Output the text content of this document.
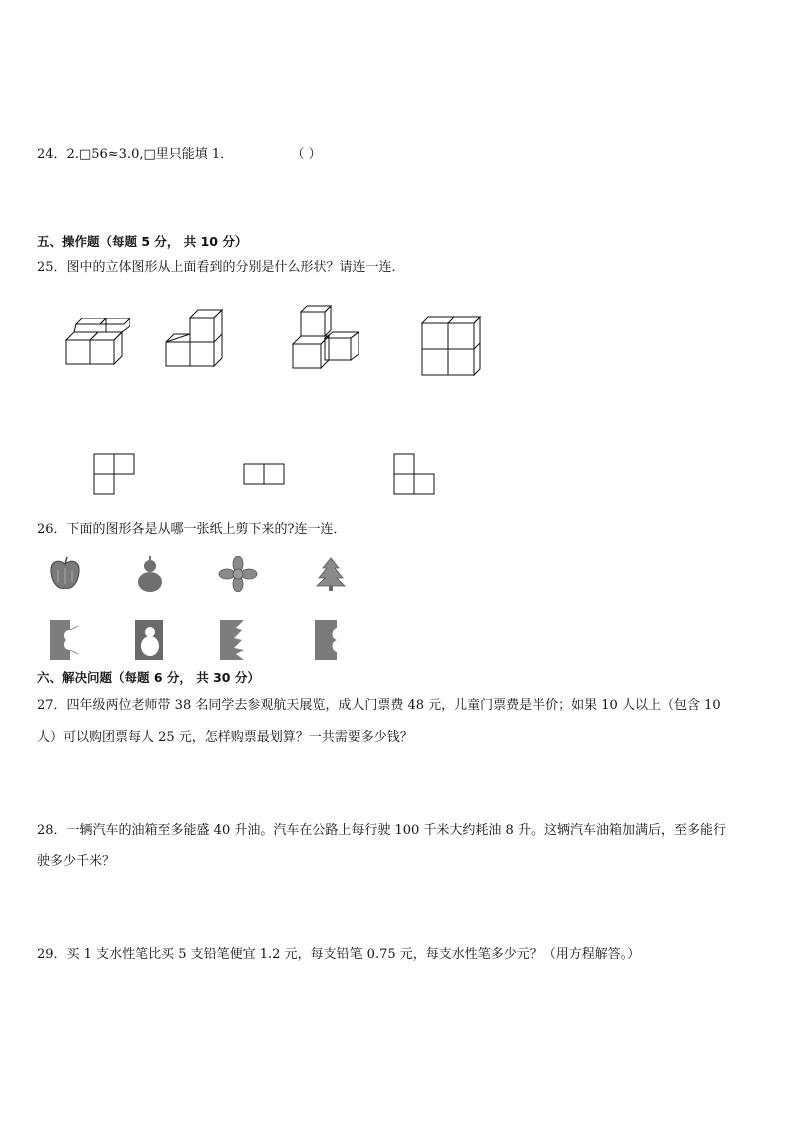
24．2.□56≈3.0,□里只能填 1．	（ ）
五、操作题（每题 5 分， 共 10 分）
25．图中的立体图形从上面看到的分别是什么形状？请连一连．
26．下面的图形各是从哪一张纸上剪下来的?连一连．
六、解决问题（每题 6 分， 共 30 分）
27．四年级两位老师带 38 名同学去参观航天展览，成人门票费 48 元，儿童门票费是半价；如果 10 人以上（包含 10
人）可以购团票每人 25 元，怎样购票最划算？一共需要多少钱？
28．一辆汽车的油箱至多能盛 40 升油。汽车在公路上每行驶 100 千米大约耗油 8 升。这辆汽车油箱加满后，至多能行
驶多少千米？
29．买 1 支水性笔比买 5 支铅笔便宜 1.2 元，每支铅笔 0.75 元，每支水性笔多少元？（用方程解答。）
